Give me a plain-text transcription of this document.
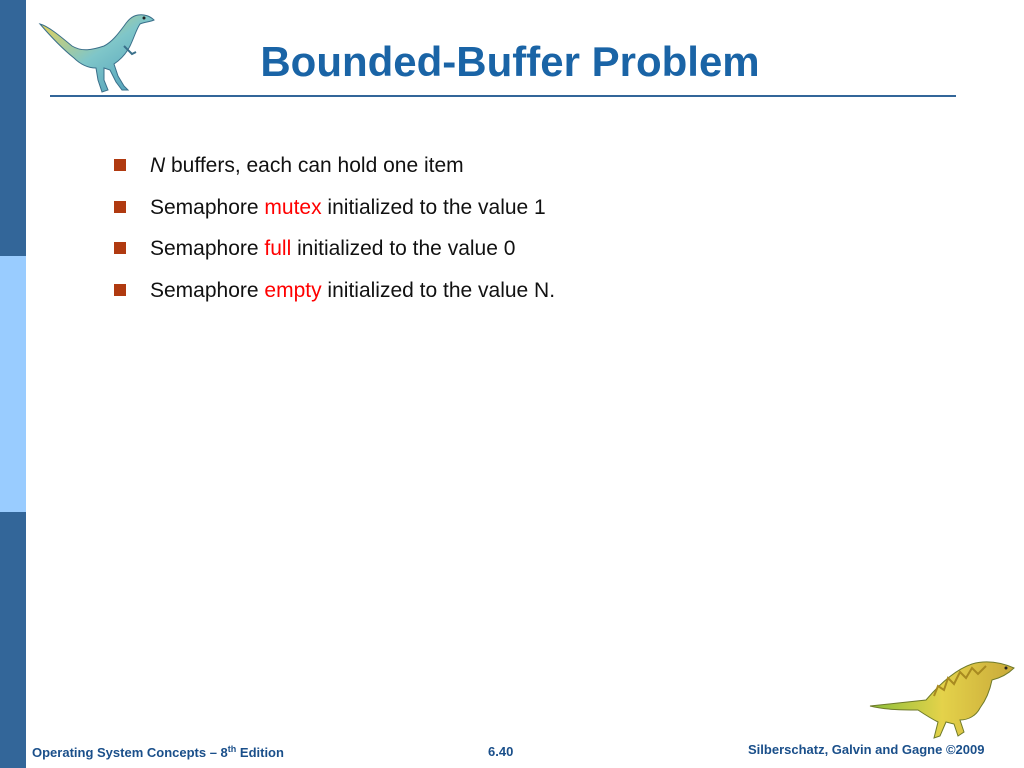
Bounded-Buffer Problem
N buffers, each can hold one item
Semaphore mutex initialized to the value 1
Semaphore full initialized to the value 0
Semaphore empty initialized to the value N.
Operating System Concepts – 8th Edition	6.40	Silberschatz, Galvin and Gagne ©2009
